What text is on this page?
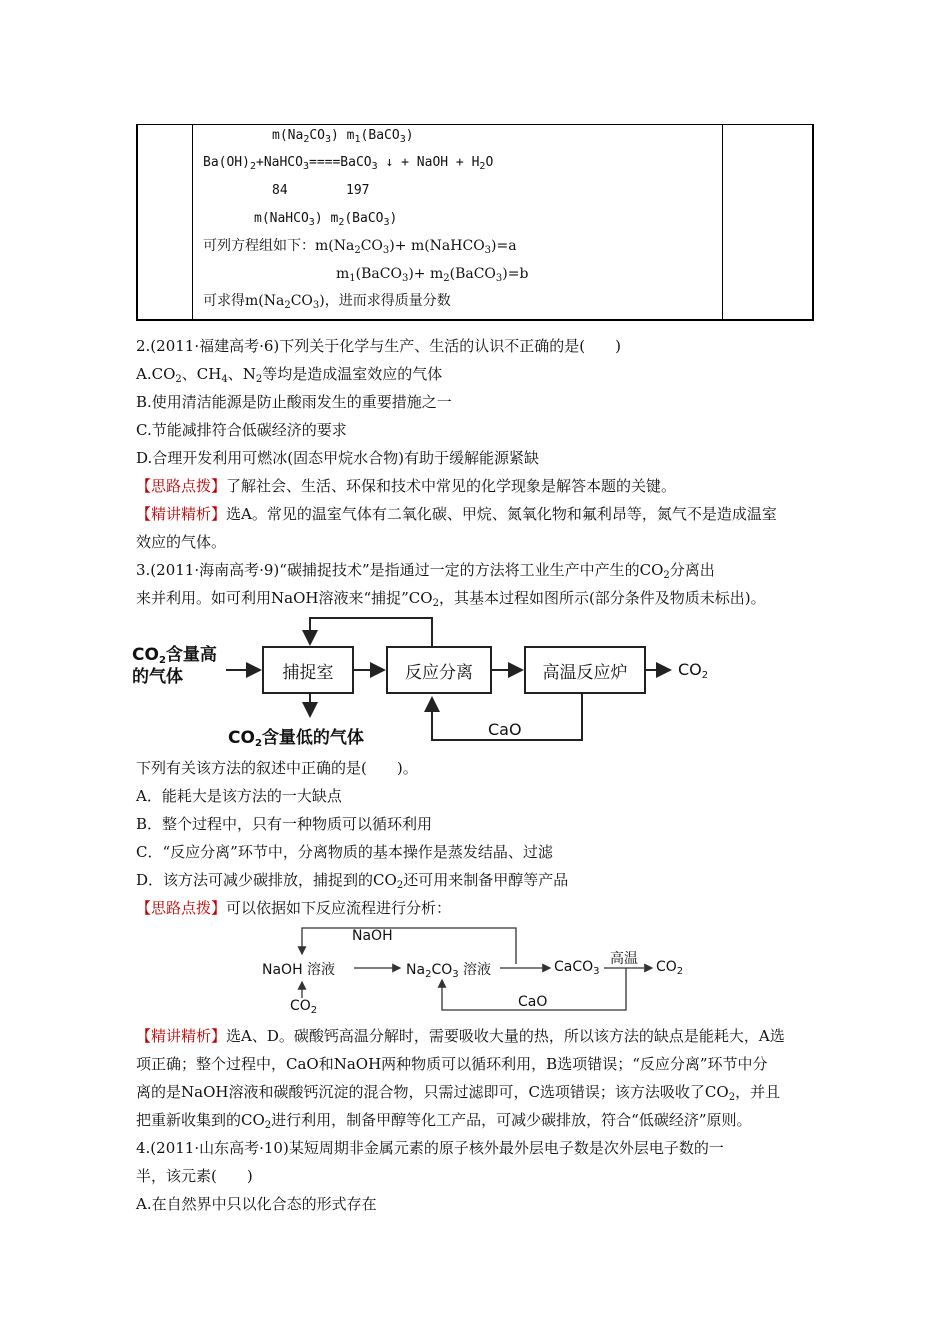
$m(Na_2CO_3)$ $m_1(BaCO_3)$
$Ba(OH)_2+NaHCO_3====BaCO_3$ ↓ + NaOH + $H_2O$
84	197
m(NaHCO$_3$) $m_2(BaCO_3)$
可列方程组如下：$m(Na_2CO_3)+$ m(NaHCO$_3$)=a
$m_1(BaCO_3)+$ $m_2(BaCO_3)=b$
可求得$m(Na_2CO_3)$，进而求得质量分数
2.(2011·福建高考·6)下列关于化学与生产、生活的认识不正确的是(　　)
$A.CO_2$、$CH_4$、$N_2$等均是造成温室效应的气体
B.使用清洁能源是防止酸雨发生的重要措施之一
C.节能减排符合低碳经济的要求
D.合理开发利用可燃冰(固态甲烷水合物)有助于缓解能源紧缺
【思路点拨】了解社会、生活、环保和技术中常见的化学现象是解答本题的关键。
【精讲精析】选A。常见的温室气体有二氧化碳、甲烷、氮氧化物和氟利昂等，氮气不是造成温室
效应的气体。
3.(2011·海南高考·9)“碳捕捉技术”是指通过一定的方法将工业生产中产生的$CO_2$分离出
来并利用。如可利用NaOH溶液来“捕捉$”CO_2$，其基本过程如图所示(部分条件及物质未标出)。
$CO_2$含量高
的气体	捕捉室	反应分离	高温反应炉	$CO_2$
$CO_2$含量低的气体	CaO
下列有关该方法的叙述中正确的是(　　)。
A．能耗大是该方法的一大缺点
B．整个过程中，只有一种物质可以循环利用
C．“反应分离”环节中，分离物质的基本操作是蒸发结晶、过滤
D．该方法可减少碳排放，捕捉到的$CO_2$还可用来制备甲醇等产品
【思路点拨】可以依据如下反应流程进行分析：
NaOH
NaOH 溶液	$Na_2CO_3$ 溶液	CaCO$_3$
高温 $CO_2$
$CO_2$
CaO
【精讲精析】选A、D。碳酸钙高温分解时，需要吸收大量的热，所以该方法的缺点是能耗大，A选
项正确；整个过程中，CaO和NaOH两种物质可以循环利用，B选项错误；“反应分离”环节中分
离的是NaOH溶液和碳酸钙沉淀的混合物，只需过滤即可，C选项错误；该方法吸收了$CO_2$，并且
把重新收集到的$CO_2$进行利用，制备甲醇等化工产品，可减少碳排放，符合“低碳经济”原则。
4.(2011·山东高考·10)某短周期非金属元素的原子核外最外层电子数是次外层电子数的一
半，该元素(　　)
A.在自然界中只以化合态的形式存在
